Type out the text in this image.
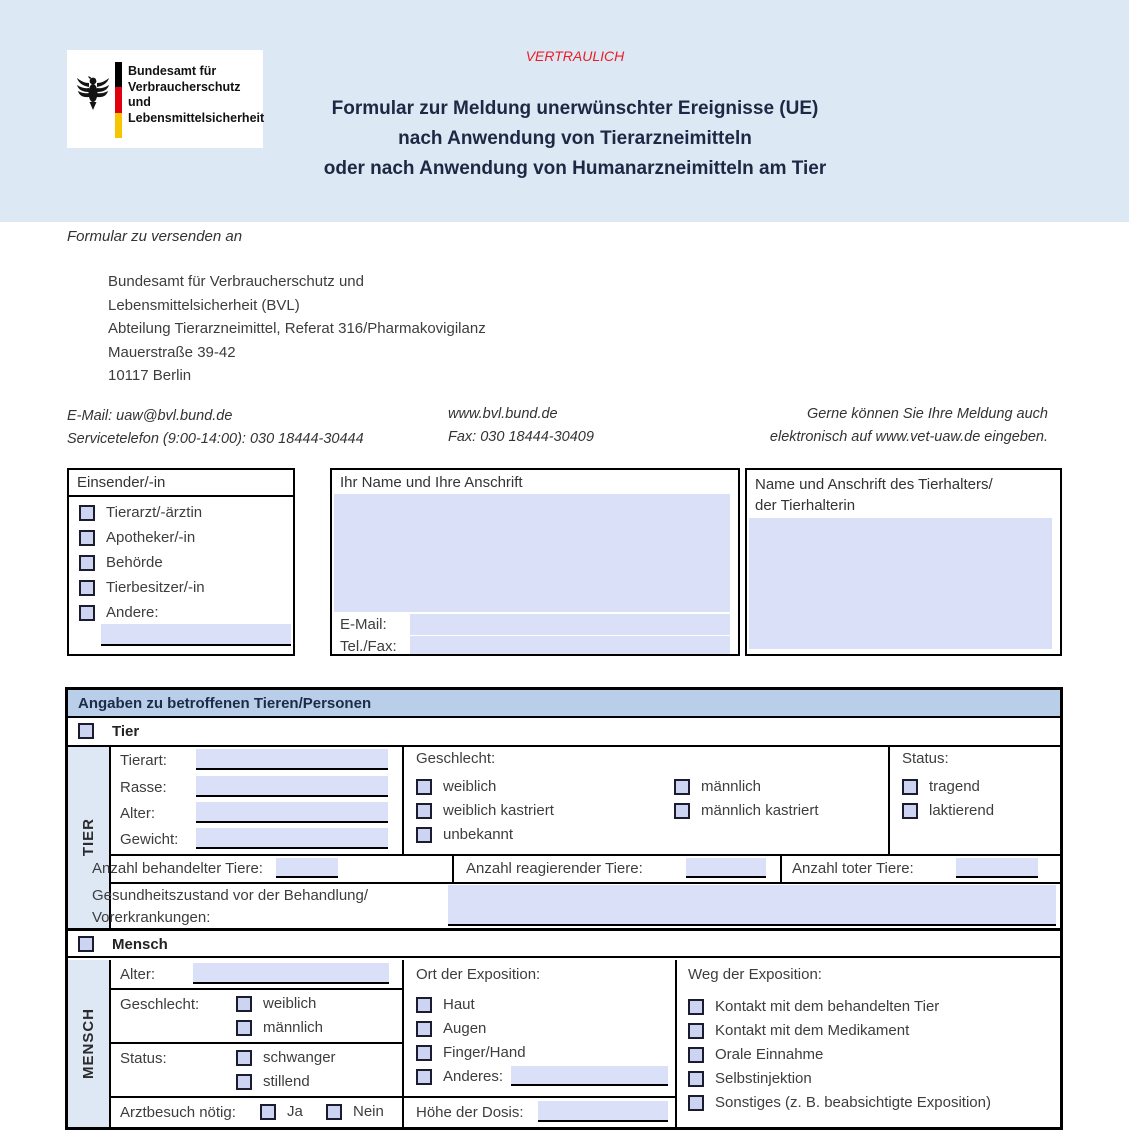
Bundesamt für
Verbraucherschutz und
Lebensmittelsicherheit
VERTRAULICH
Formular zur Meldung unerwünschter Ereignisse (UE)
nach Anwendung von Tierarzneimitteln
oder nach Anwendung von Humanarzneimitteln am Tier
Formular zu versenden an
Bundesamt für Verbraucherschutz und
Lebensmittelsicherheit (BVL)
Abteilung Tierarzneimittel, Referat 316/Pharmakovigilanz
Mauerstraße 39-42
10117 Berlin
E-Mail: uaw@bvl.bund.de
Servicetelefon (9:00-14:00): 030 18444-30444
www.bvl.bund.de
Fax: 030 18444-30409
Gerne können Sie Ihre Meldung auch
elektronisch auf www.vet-uaw.de eingeben.
Einsender/-in
Tierarzt/-ärztin
Apotheker/-in
Behörde
Tierbesitzer/-in
Andere:
Ihr Name und Ihre Anschrift
E-Mail:
Tel./Fax:
Name und Anschrift des Tierhalters/
der Tierhalterin
Angaben zu betroffenen Tieren/Personen
Tier
TIER
Tierart:
Rasse:
Alter:
Gewicht:
Geschlecht:
weiblich
weiblich kastriert
unbekannt
männlich
männlich kastriert
Status:
tragend
laktierend
Anzahl behandelter Tiere:	Anzahl reagierender Tiere:	Anzahl toter Tiere:
Gesundheitszustand vor der Behandlung/
Vorerkrankungen:
Mensch
MENSCH
Alter:
Geschlecht:	weiblich
männlich
Status:	schwanger
stillend
Arztbesuch nötig:	Ja	Nein
Ort der Exposition:
Haut
Augen
Finger/Hand
Anderes:
Höhe der Dosis:
Weg der Exposition:
Kontakt mit dem behandelten Tier
Kontakt mit dem Medikament
Orale Einnahme
Selbstinjektion
Sonstiges (z. B. beabsichtigte Exposition)
